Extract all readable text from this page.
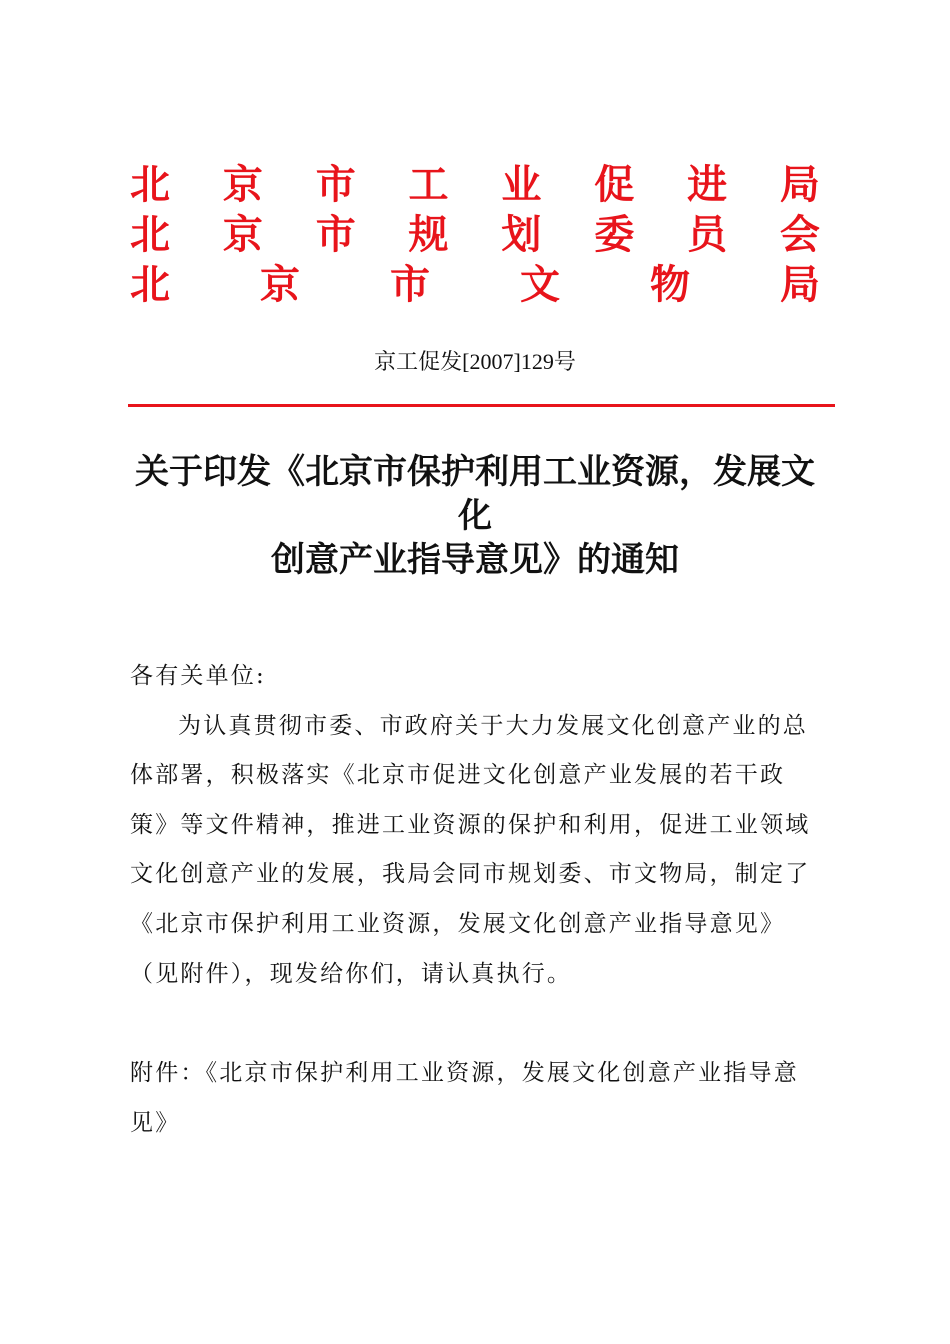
北 京 市 工 业 促 进 局
北 京 市 规 划 委 员 会
北 京 市 文 物 局
京工促发[2007]129号
关于印发《北京市保护利用工业资源，发展文
化
创意产业指导意见》的通知
各有关单位:
为认真贯彻市委、市政府关于大力发展文化创意产业的总
体部署，积极落实《北京市促进文化创意产业发展的若干政
策》等文件精神，推进工业资源的保护和利用，促进工业领域
文化创意产业的发展，我局会同市规划委、市文物局，制定了
《北京市保护利用工业资源，发展文化创意产业指导意见》
（见附件），现发给你们，请认真执行。
附件：《北京市保护利用工业资源，发展文化创意产业指导意
见》
